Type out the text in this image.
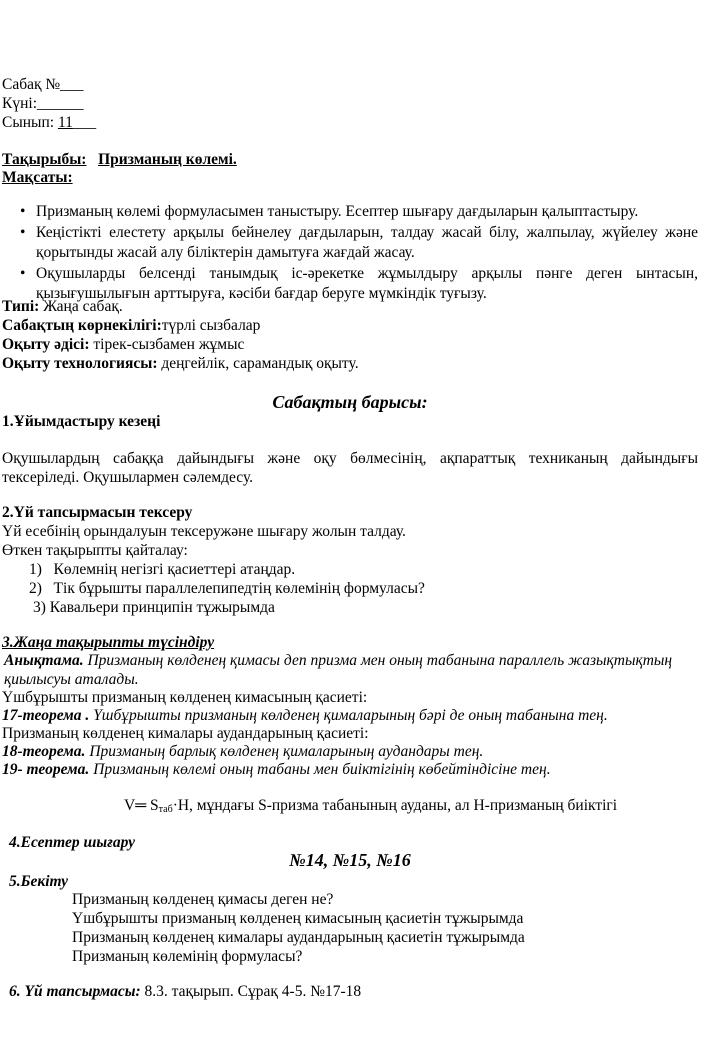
Сабақ №___
Күні:______
Сынып: 11___
Тақырыбы: Призманың көлемі.
Мақсаты:
• Призманың көлемі формуласымен таныстыру. Есептер шығару дағдыларын қалыптастыру.
• Кеңістікті елестету арқылы бейнелеу дағдыларын, талдау жасай білу, жалпылау, жүйелеу және қорытынды жасай алу біліктерін дамытуға жағдай жасау.
• Оқушыларды белсенді танымдық іс-әрекетке жұмылдыру арқылы пәнге деген ынтасын, қызығушылығын арттыруға, кәсіби бағдар беруге мүмкіндік туғызу.
Типі: Жаңа сабақ.
Сабақтың көрнекілігі:түрлі сызбалар
Оқыту әдісі: тірек-сызбамен жұмыс
Оқыту технологиясы: деңгейлік, сарамандық оқыту.
Сабақтың барысы:
1.Ұйымдастыру кезеңі
Оқушылардың сабаққа дайындығы және оқу бөлмесінің, ақпараттық техниканың дайындығы тексеріледі. Оқушылармен сәлемдесу.
2.Үй тапсырмасын тексеру
Үй есебінің орындалуын тексеружәне шығару жолын талдау.
Өткен тақырыпты қайталау:
1) Көлемнің негізгі қасиеттері атаңдар.
2) Тік бұрышты параллелепипедтің көлемінің формуласы?
3) Кавальери принципін тұжырымда
3.Жаңа тақырыпты түсіндіру
Анықтама. Призманың көлденең қимасы деп призма мен оның табанына параллель жазықтықтың қиылысуы аталады.
Үшбұрышты призманың көлденең кимасының қасиеті:
17-теорема . Үшбұрышты призманың көлденең қималарының бәрі де оның табанына тең.
Призманың көлденең кималары аудандарының қасиеті:
18-теорема. Призманың барлық көлденең қималарының аудандары тең.
19- теорема. Призманың көлемі оның табаны мен биіктігінің көбейтіндісіне тең.
V═ $S_{таб}\cdot H$, мұндағы S-призма табанының ауданы, ал H-призманың биіктігі
4.Есептер шығару
№14, №15, №16
5.Бекіту
Призманың көлденең қимасы деген не?
Үшбұрышты призманың көлденең кимасының қасиетін тұжырымда
Призманың көлденең кималары аудандарының қасиетін тұжырымда
Призманың көлемінің формуласы?
6. Үй тапсырмасы: 8.3. тақырып. Сұрақ 4-5. №17-18
